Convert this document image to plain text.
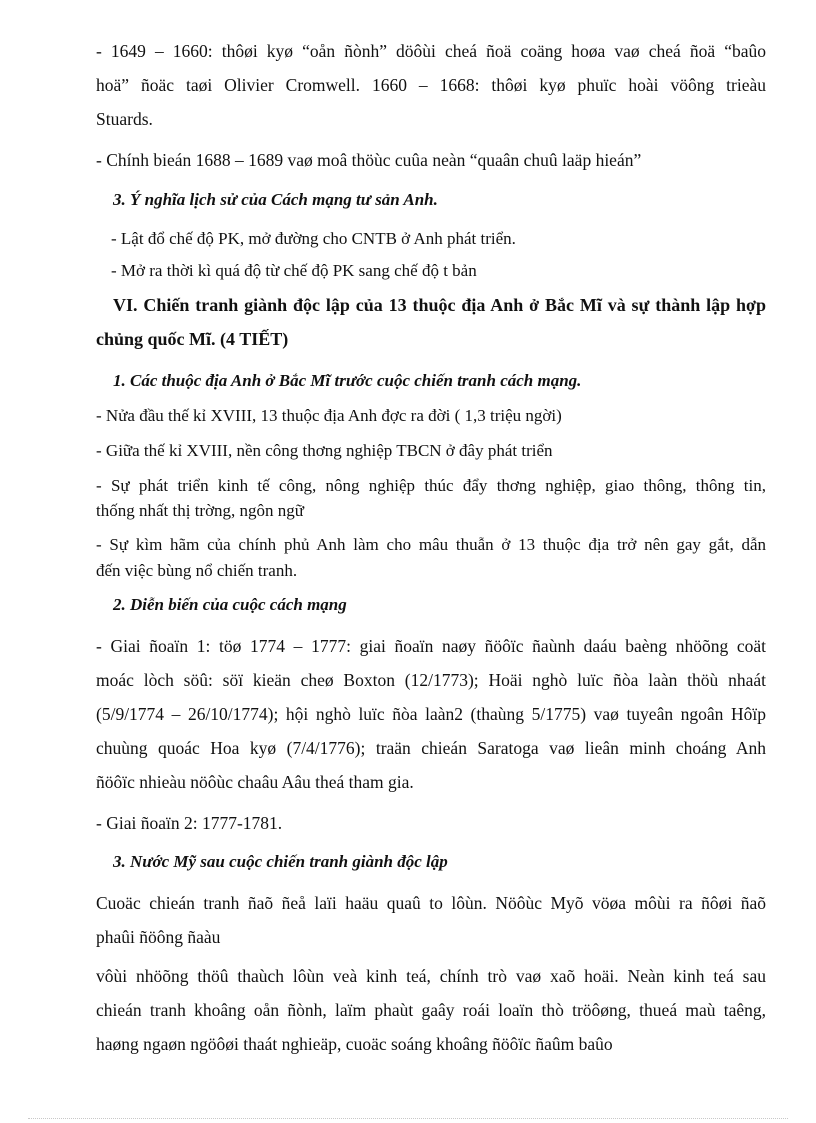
- 1649 – 1660: thôøi kyø “oån ñònh” döôùi cheá ñoä coäng hoøa vaø cheá ñoä “baûo
hoä” ñoäc taøi Olivier Cromwell. 1660 – 1668: thôøi kyø phuïc hoài vöông trieàu
Stuards.
- Chính bieán 1688 – 1689 vaø moâ thöùc cuûa neàn “quaân chuû laäp hieán”
3. Ý nghĩa lịch sử của Cách mạng tư sản Anh.
- Lật đổ chế độ PK, mở đường cho CNTB ở Anh phát triển.
- Mở ra thời kì quá độ từ chế độ PK sang chế độ t bản
VI. Chiến tranh giành độc lập của 13 thuộc địa Anh ở Bắc Mĩ và sự thành lập hợp
chủng quốc Mĩ. (4 TIẾT)
1. Các thuộc địa Anh ở Bắc Mĩ trước cuộc chiến tranh cách mạng.
- Nửa đầu thế kỉ XVIII, 13 thuộc địa Anh đợc ra đời ( 1,3 triệu ngời)
- Giữa thế kỉ XVIII, nền công thơng nghiệp TBCN ở đây phát triển
- Sự phát triển kinh tế công, nông nghiệp thúc đẩy thơng nghiệp, giao thông, thông tin,
thống nhất thị trờng, ngôn ngữ
- Sự kìm hãm của chính phủ Anh làm cho mâu thuẫn ở 13 thuộc địa trở nên gay gắt, dẫn
đến việc bùng nổ chiến tranh.
2. Diễn biến của cuộc cách mạng
- Giai ñoaïn 1: töø 1774 – 1777: giai ñoaïn naøy ñöôïc ñaùnh daáu baèng nhöõng coät
moác lòch söû: söï kieän cheø Boxton (12/1773); Hoäi nghò luïc ñòa laàn thöù nhaát
(5/9/1774 – 26/10/1774); hội nghò luïc ñòa laàn2 (thaùng 5/1775) vaø tuyeân ngoân Hôïp
chuùng quoác Hoa kyø (7/4/1776); traän chieán Saratoga vaø lieân minh choáng Anh
ñöôïc nhieàu nöôùc chaâu Aâu theá tham gia.
- Giai ñoaïn 2: 1777-1781.
3. Nước Mỹ sau cuộc chiến tranh giành độc lập
Cuoäc chieán tranh ñaõ ñeå laïi haäu quaû to lôùn. Nöôùc Myõ vöøa môùi ra ñôøi ñaõ
phaûi ñöông ñaàu
vôùi nhöõng thöû thaùch lôùn veà kinh teá, chính trò vaø xaõ hoäi. Neàn kinh teá sau
chieán tranh khoâng oån ñònh, laïm phaùt gaây roái loaïn thò tröôøng, thueá maù taêng,
haøng ngaøn ngöôøi thaát nghieäp, cuoäc soáng khoâng ñöôïc ñaûm baûo
